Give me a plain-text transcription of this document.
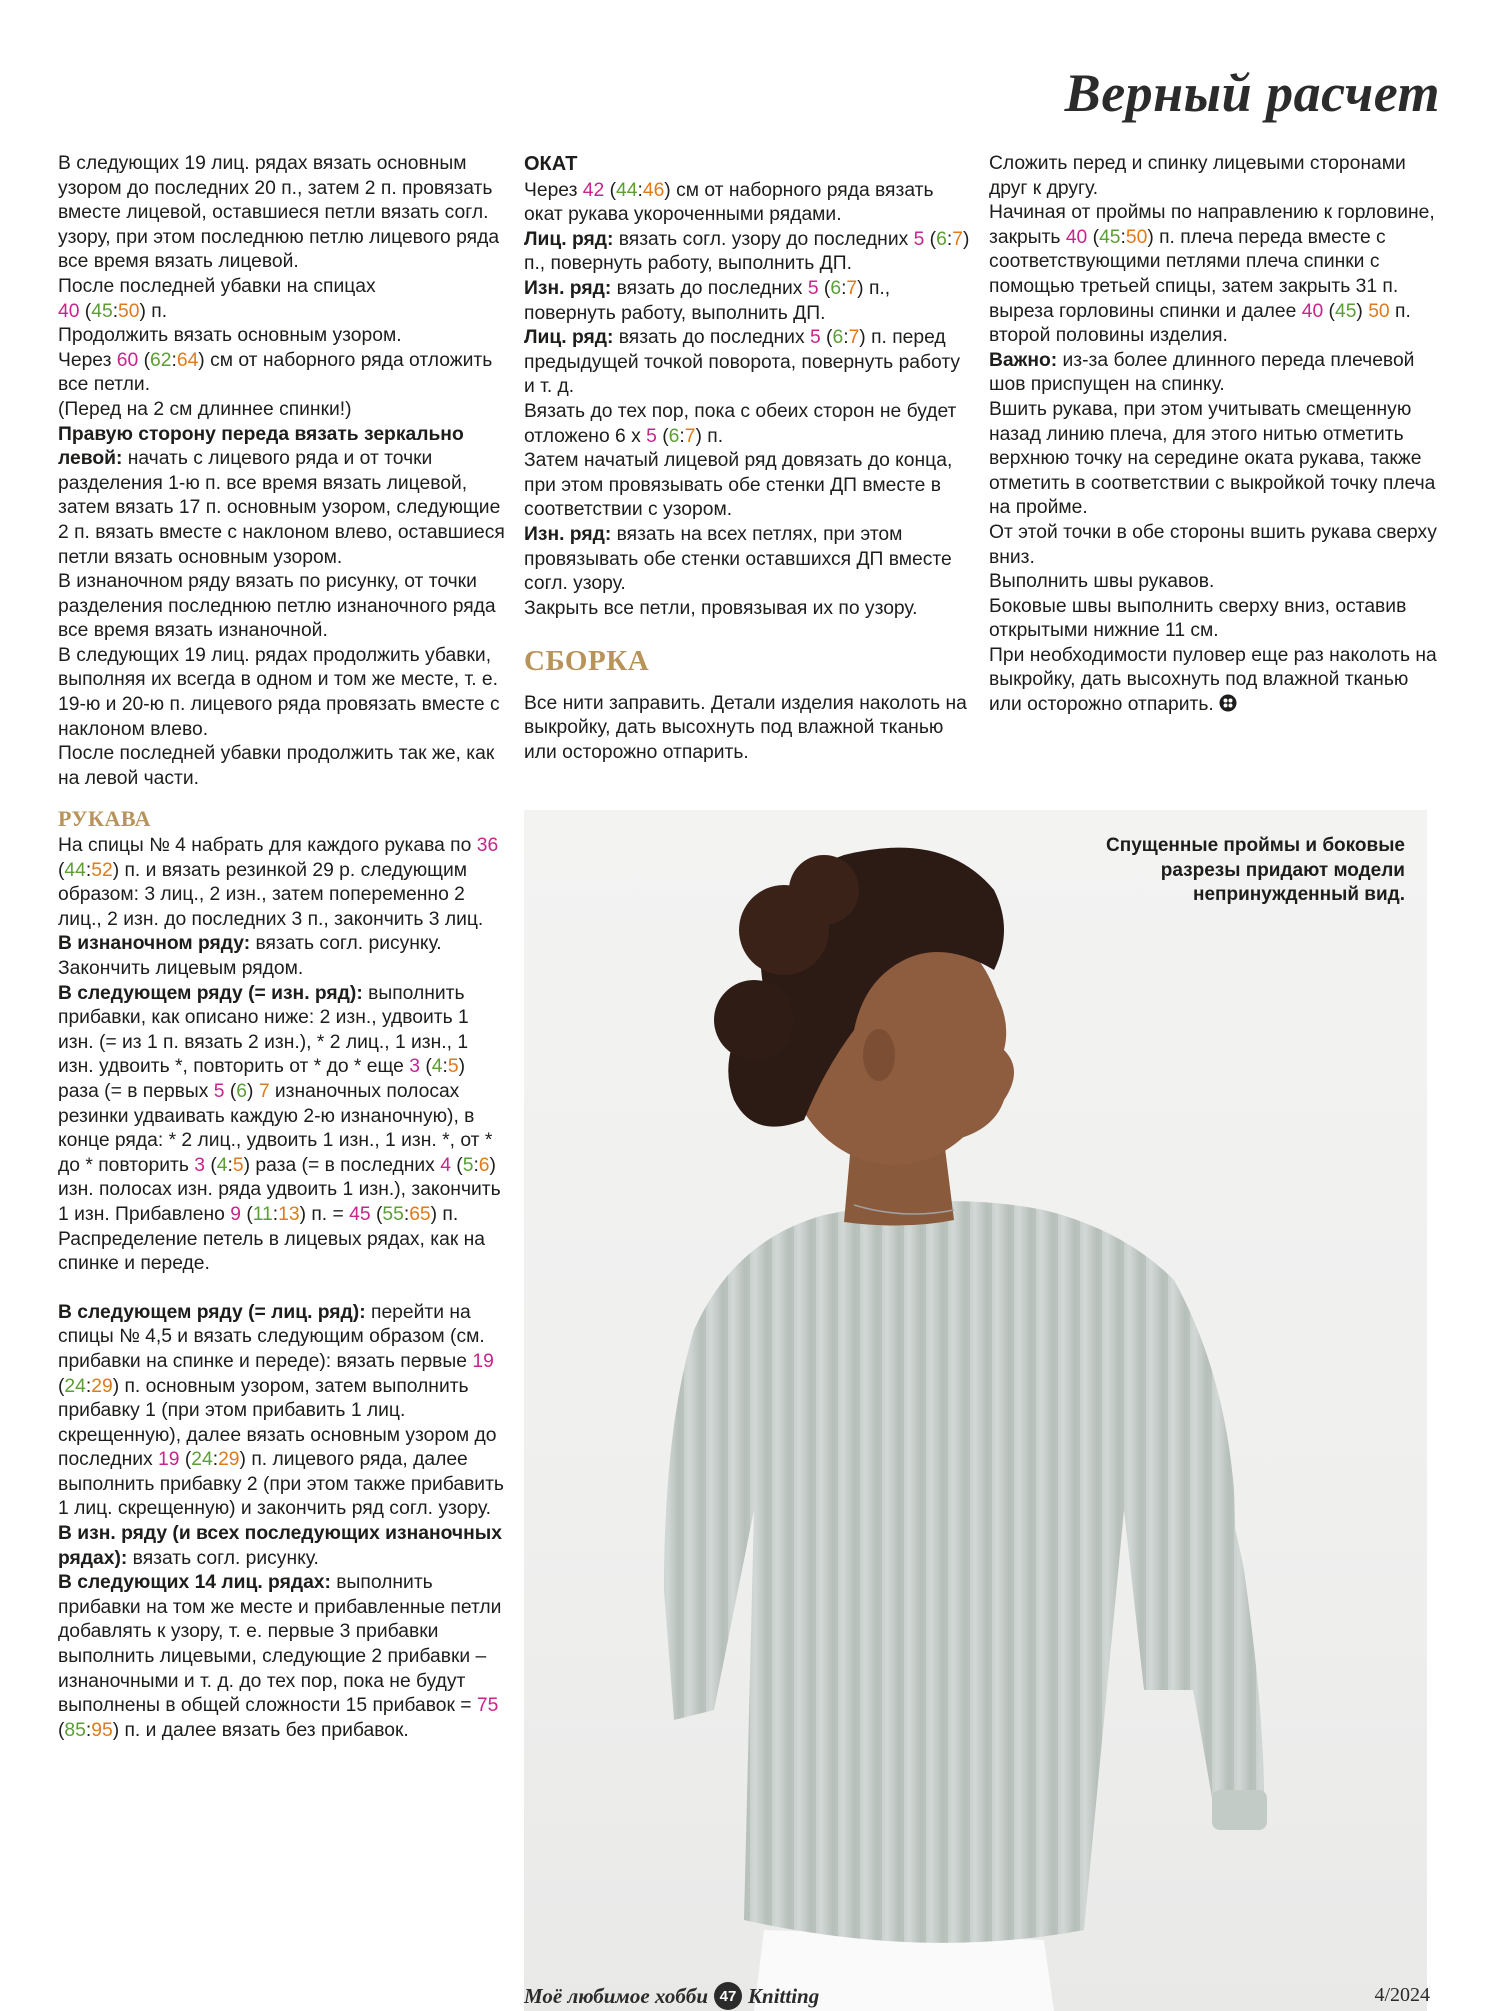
Верный расчет

В следующих 19 лиц. рядах вязать основным узором до последних 20 п., затем 2 п. провязать вместе лицевой, оставшиеся петли вязать согл. узору, при этом последнюю петлю лицевого ряда все время вязать лицевой.

После последней убавки на спицах
40 (45:50) п.

Продолжить вязать основным узором.

Через 60 (62:64) см от наборного ряда отложить все петли.

(Перед на 2 см длиннее спинки!)

Правую сторону переда вязать зеркально левой: начать с лицевого ряда и от точки разделения 1-ю п. все время вязать лицевой, затем вязать 17 п. основным узором, следующие 2 п. вязать вместе с наклоном влево, оставшиеся петли вязать основным узором.

В изнаночном ряду вязать по рисунку, от точки разделения последнюю петлю изнаночного ряда все время вязать изнаночной.

В следующих 19 лиц. рядах продолжить убавки, выполняя их всегда в одном и том же месте, т. е. 19-ю и 20-ю п. лицевого ряда провязать вместе с наклоном влево.

После последней убавки продолжить так же, как на левой части.

РУКАВА

На спицы № 4 набрать для каждого рукава по 36 (44:52) п. и вязать резинкой 29 р. следующим образом: 3 лиц., 2 изн., затем попеременно 2 лиц., 2 изн. до последних 3 п., закончить 3 лиц.

В изнаночном ряду: вязать согл. рисунку. Закончить лицевым рядом.

В следующем ряду (= изн. ряд): выполнить прибавки, как описано ниже: 2 изн., удвоить 1 изн. (= из 1 п. вязать 2 изн.), * 2 лиц., 1 изн., 1 изн. удвоить *, повторить от * до * еще 3 (4:5) раза (= в первых 5 (6) 7 изнаночных полосах резинки удваивать каждую 2-ю изнаночную), в конце ряда: * 2 лиц., удвоить 1 изн., 1 изн. *, от * до * повторить 3 (4:5) раза (= в последних 4 (5:6) изн. полосах изн. ряда удвоить 1 изн.), закончить 1 изн. Прибавлено 9 (11:13) п. = 45 (55:65) п. Распределение петель в лицевых рядах, как на спинке и переде.

В следующем ряду (= лиц. ряд): перейти на спицы № 4,5 и вязать следующим образом (см. прибавки на спинке и переде): вязать первые 19 (24:29) п. основным узором, затем выполнить прибавку 1 (при этом прибавить 1 лиц. скрещенную), далее вязать основным узором до последних 19 (24:29) п. лицевого ряда, далее выполнить прибавку 2 (при этом также прибавить 1 лиц. скрещенную) и закончить ряд согл. узору.

В изн. ряду (и всех последующих изнаночных рядах): вязать согл. рисунку.

В следующих 14 лиц. рядах: выполнить прибавки на том же месте и прибавленные петли добавлять к узору, т. е. первые 3 прибавки выполнить лицевыми, следующие 2 прибавки – изнаночными и т. д. до тех пор, пока не будут выполнены в общей сложности 15 прибавок = 75 (85:95) п. и далее вязать без прибавок.

ОКАТ

Через 42 (44:46) см от наборного ряда вязать окат рукава укороченными рядами.

Лиц. ряд: вязать согл. узору до последних 5 (6:7) п., повернуть работу, выполнить ДП.

Изн. ряд: вязать до последних 5 (6:7) п., повернуть работу, выполнить ДП.

Лиц. ряд: вязать до последних 5 (6:7) п. перед предыдущей точкой поворота, повернуть работу и т. д.

Вязать до тех пор, пока с обеих сторон не будет отложено 6 х 5 (6:7) п.

Затем начатый лицевой ряд довязать до конца, при этом провязывать обе стенки ДП вместе в соответствии с узором.

Изн. ряд: вязать на всех петлях, при этом провязывать обе стенки оставшихся ДП вместе согл. узору.

Закрыть все петли, провязывая их по узору.

СБОРКА

Все нити заправить. Детали изделия наколоть на выкройку, дать высохнуть под влажной тканью или осторожно отпарить.

Сложить перед и спинку лицевыми сторонами друг к другу.

Начиная от проймы по направлению к горловине, закрыть 40 (45:50) п. плеча переда вместе с соответствующими петлями плеча спинки с помощью третьей спицы, затем закрыть 31 п. выреза горловины спинки и далее 40 (45) 50 п. второй половины изделия.

Важно: из-за более длинного переда плечевой шов приспущен на спинку.

Вшить рукава, при этом учитывать смещенную назад линию плеча, для этого нитью отметить верхнюю точку на середине оката рукава, также отметить в соответствии с выкройкой точку плеча на пройме.

От этой точки в обе стороны вшить рукава сверху вниз.

Выполнить швы рукавов.

Боковые швы выполнить сверху вниз, оставив открытыми нижние 11 см.

При необходимости пуловер еще раз наколоть на выкройку, дать высохнуть под влажной тканью или осторожно отпарить.

Спущенные проймы и боковые разрезы придают модели непринужденный вид.
Моё любимое хобби 47 Knitting	4/2024
